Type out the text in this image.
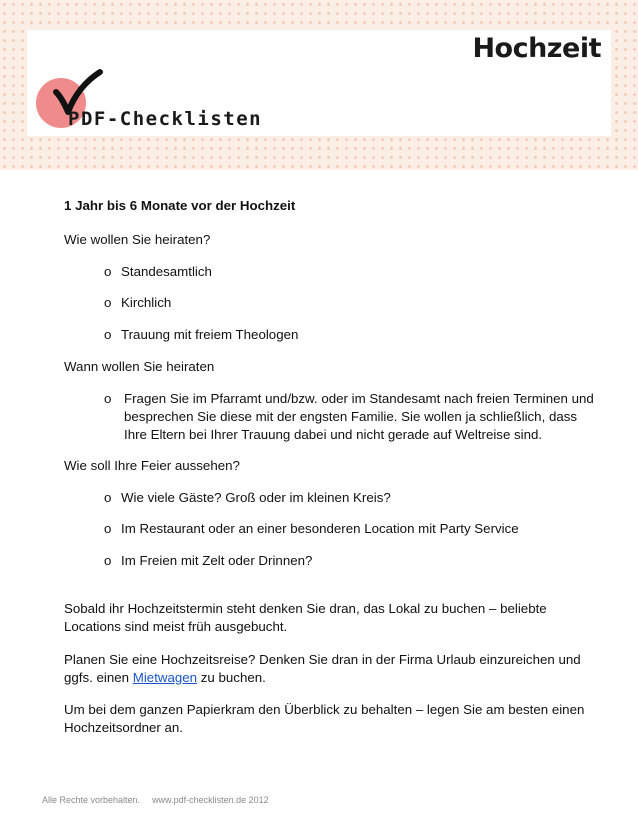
Hochzeit
PDF-Checklisten

1 Jahr bis 6 Monate vor der Hochzeit

Wie wollen Sie heiraten?

o Standesamtlich
o Kirchlich
o Trauung mit freiem Theologen

Wann wollen Sie heiraten

o Fragen Sie im Pfarramt und/bzw. oder im Standesamt nach freien Terminen und

besprechen Sie diese mit der engsten Familie. Sie wollen ja schließlich, dass

Ihre Eltern bei Ihrer Trauung dabei und nicht gerade auf Weltreise sind.

Wie soll Ihre Feier aussehen?

o Wie viele Gäste? Groß oder im kleinen Kreis?
o Im Restaurant oder an einer besonderen Location mit Party Service
o Im Freien mit Zelt oder Drinnen?

Sobald ihr Hochzeitstermin steht denken Sie dran, das Lokal zu buchen – beliebte

Locations sind meist früh ausgebucht.

Planen Sie eine Hochzeitsreise? Denken Sie dran in der Firma Urlaub einzureichen und

ggfs. einen Mietwagen zu buchen.

Um bei dem ganzen Papierkram den Überblick zu behalten – legen Sie am besten einen

Hochzeitsordner an.

Alle Rechte vorbehalten. www.pdf-checklisten.de 2012
